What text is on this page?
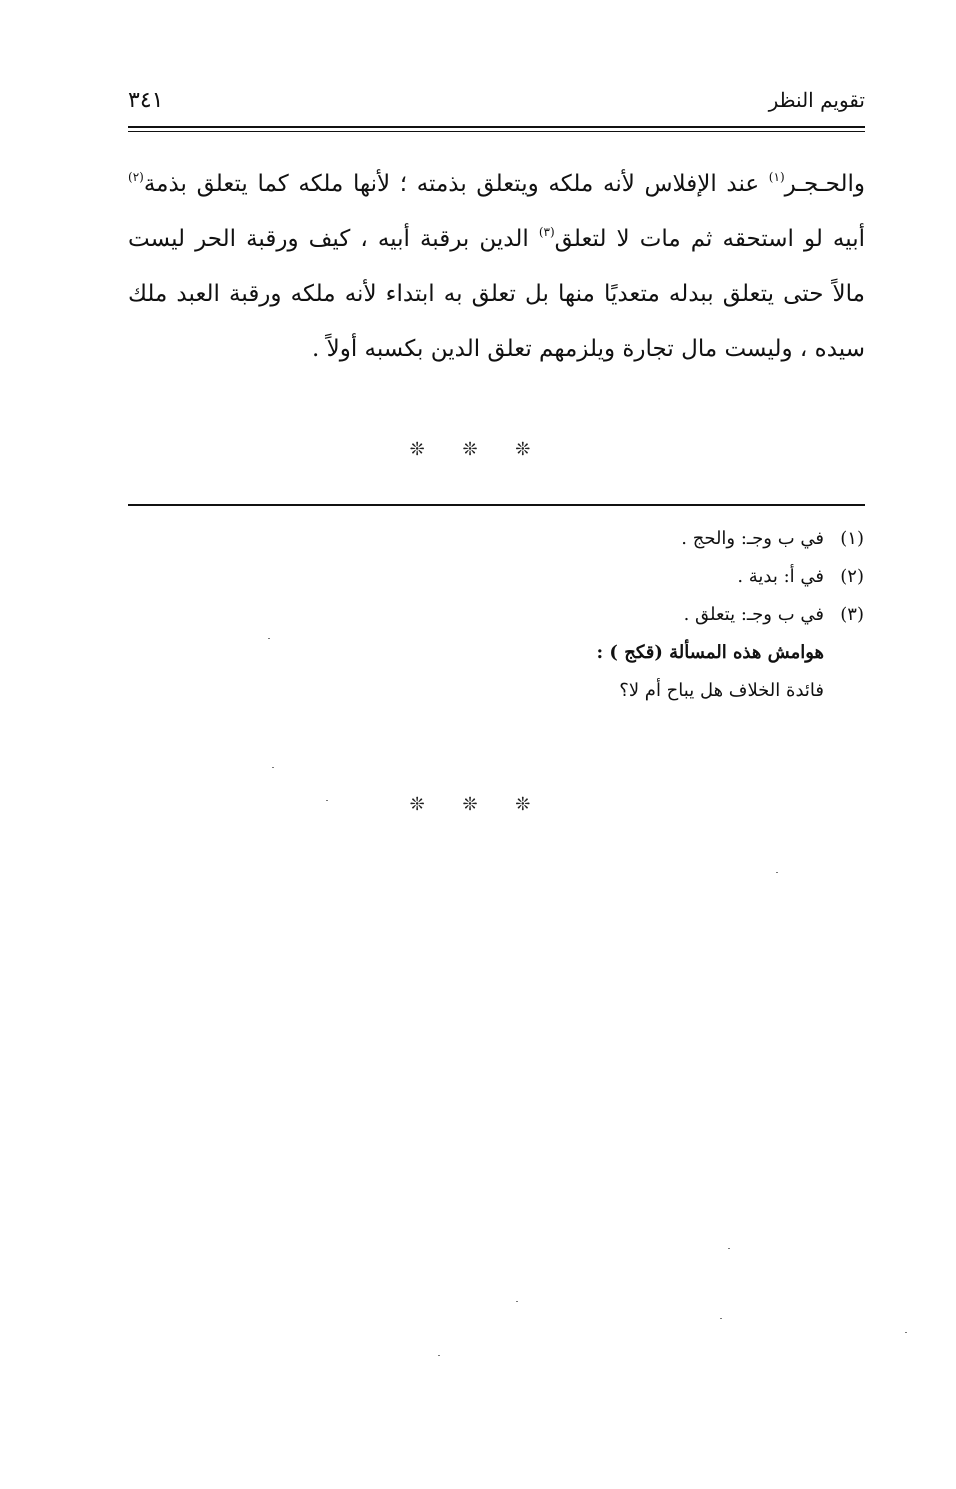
تقويم النظر
٣٤١

والحـجـر$^{(١)}$ عند الإفلاس لأنه ملكه ويتعلق بذمته ؛ لأنها ملكه كما يتعلق بذمة$^{(٢)}$ أبيه لو استحقه ثم مات لا لتعلق$^{(٣)}$ الدين برقبة أبيه ، كيف ورقبة الحر ليست مالاً حتى يتعلق ببدله متعديًا منها بل تعلق به ابتداء لأنه ملكه ورقبة العبد ملك سيده ، وليست مال تجارة ويلزمهم تعلق الدين بكسبه أولاً .

❊ ❊ ❊
(١)في ب وجـ: والحج .
(٢)في أ: بدية .
(٣)في ب وجـ: يتعلق .
هوامش هذه المسألة (قكج ) :
فائدة الخلاف هل يباح أم لا؟
❊ ❊ ❊
